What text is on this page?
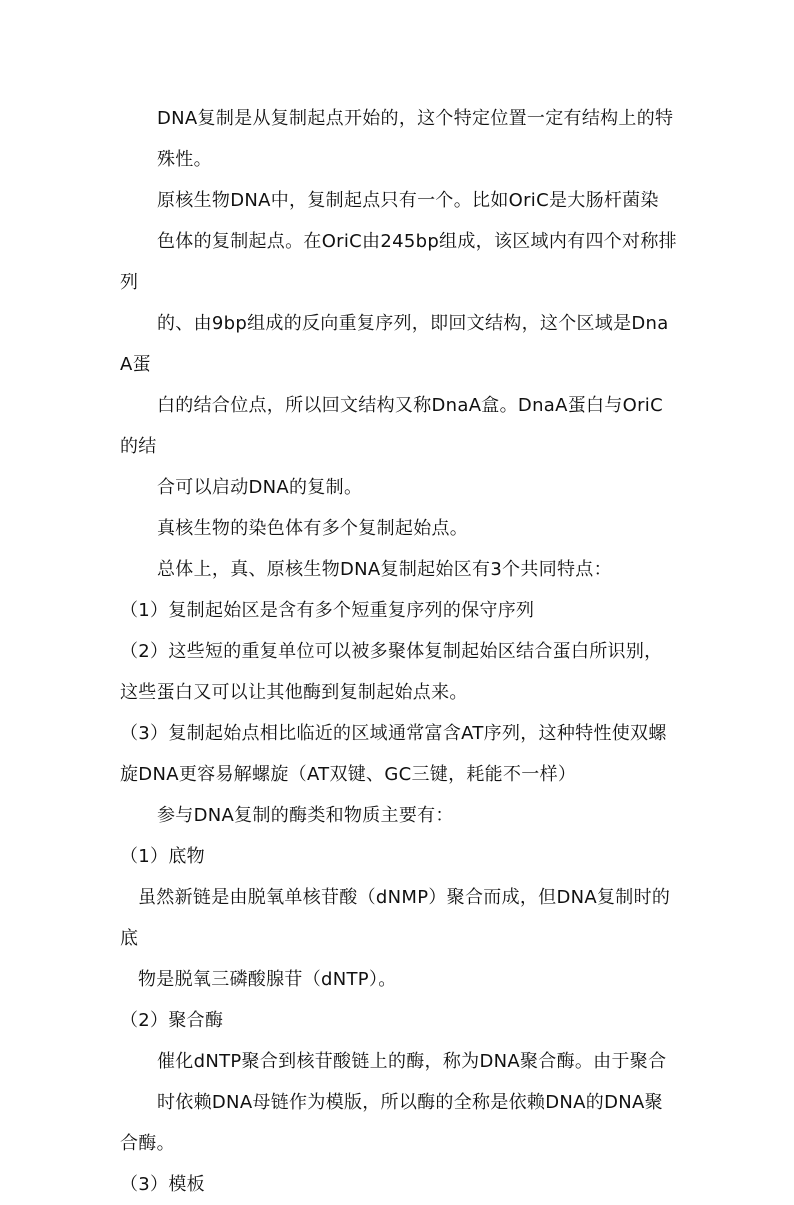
DNA复制是从复制起点开始的，这个特定位置一定有结构上的特
殊性。

原核生物DNA中，复制起点只有一个。比如OriC是大肠杆菌染
色体的复制起点。在OriC由245bp组成，该区域内有四个对称排列
的、由9bp组成的反向重复序列，即回文结构，这个区域是DnaA蛋
白的结合位点，所以回文结构又称DnaA盒。DnaA蛋白与OriC的结
合可以启动DNA的复制。

真核生物的染色体有多个复制起始点。

总体上，真、原核生物DNA复制起始区有3个共同特点：

（1）复制起始区是含有多个短重复序列的保守序列

（2）这些短的重复单位可以被多聚体复制起始区结合蛋白所识别，
这些蛋白又可以让其他酶到复制起始点来。

（3）复制起始点相比临近的区域通常富含AT序列，这种特性使双螺
旋DNA更容易解螺旋（AT双键、GC三键，耗能不一样）

参与DNA复制的酶类和物质主要有：

（1）底物

虽然新链是由脱氧单核苷酸（dNMP）聚合而成，但DNA复制时的底
物是脱氧三磷酸腺苷（dNTP）。

（2）聚合酶

催化dNTP聚合到核苷酸链上的酶，称为DNA聚合酶。由于聚合
时依赖DNA母链作为模版，所以酶的全称是依赖DNA的DNA聚合酶。

（3）模板
